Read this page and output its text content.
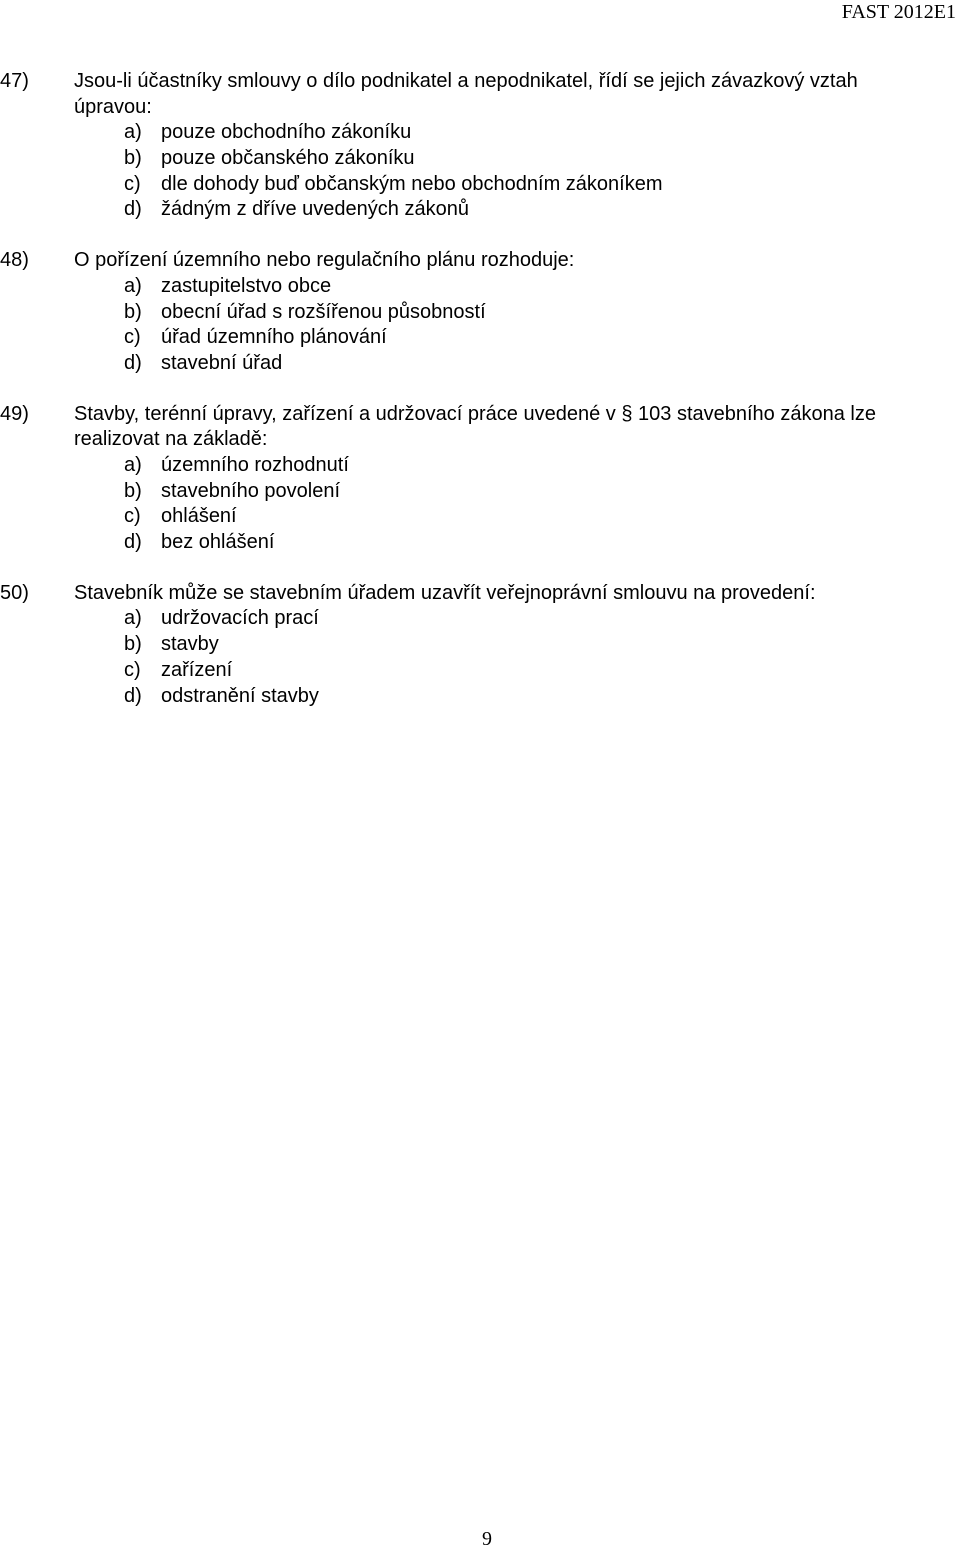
FAST 2012E1
47) Jsou-li účastníky smlouvy o dílo podnikatel a nepodnikatel, řídí se jejich závazkový vztah úpravou:
a) pouze obchodního zákoníku
b) pouze občanského zákoníku
c) dle dohody buď občanským nebo obchodním zákoníkem
d) žádným z dříve uvedených zákonů
48) O pořízení územního nebo regulačního plánu rozhoduje:
a) zastupitelstvo obce
b) obecní úřad s rozšířenou působností
c) úřad územního plánování
d) stavební úřad
49) Stavby, terénní úpravy, zařízení a udržovací práce uvedené v § 103 stavebního zákona lze realizovat na základě:
a) územního rozhodnutí
b) stavebního povolení
c) ohlášení
d) bez ohlášení
50) Stavebník může se stavebním úřadem uzavřít veřejnoprávní smlouvu na provedení:
a) udržovacích prací
b) stavby
c) zařízení
d) odstranění stavby
9
